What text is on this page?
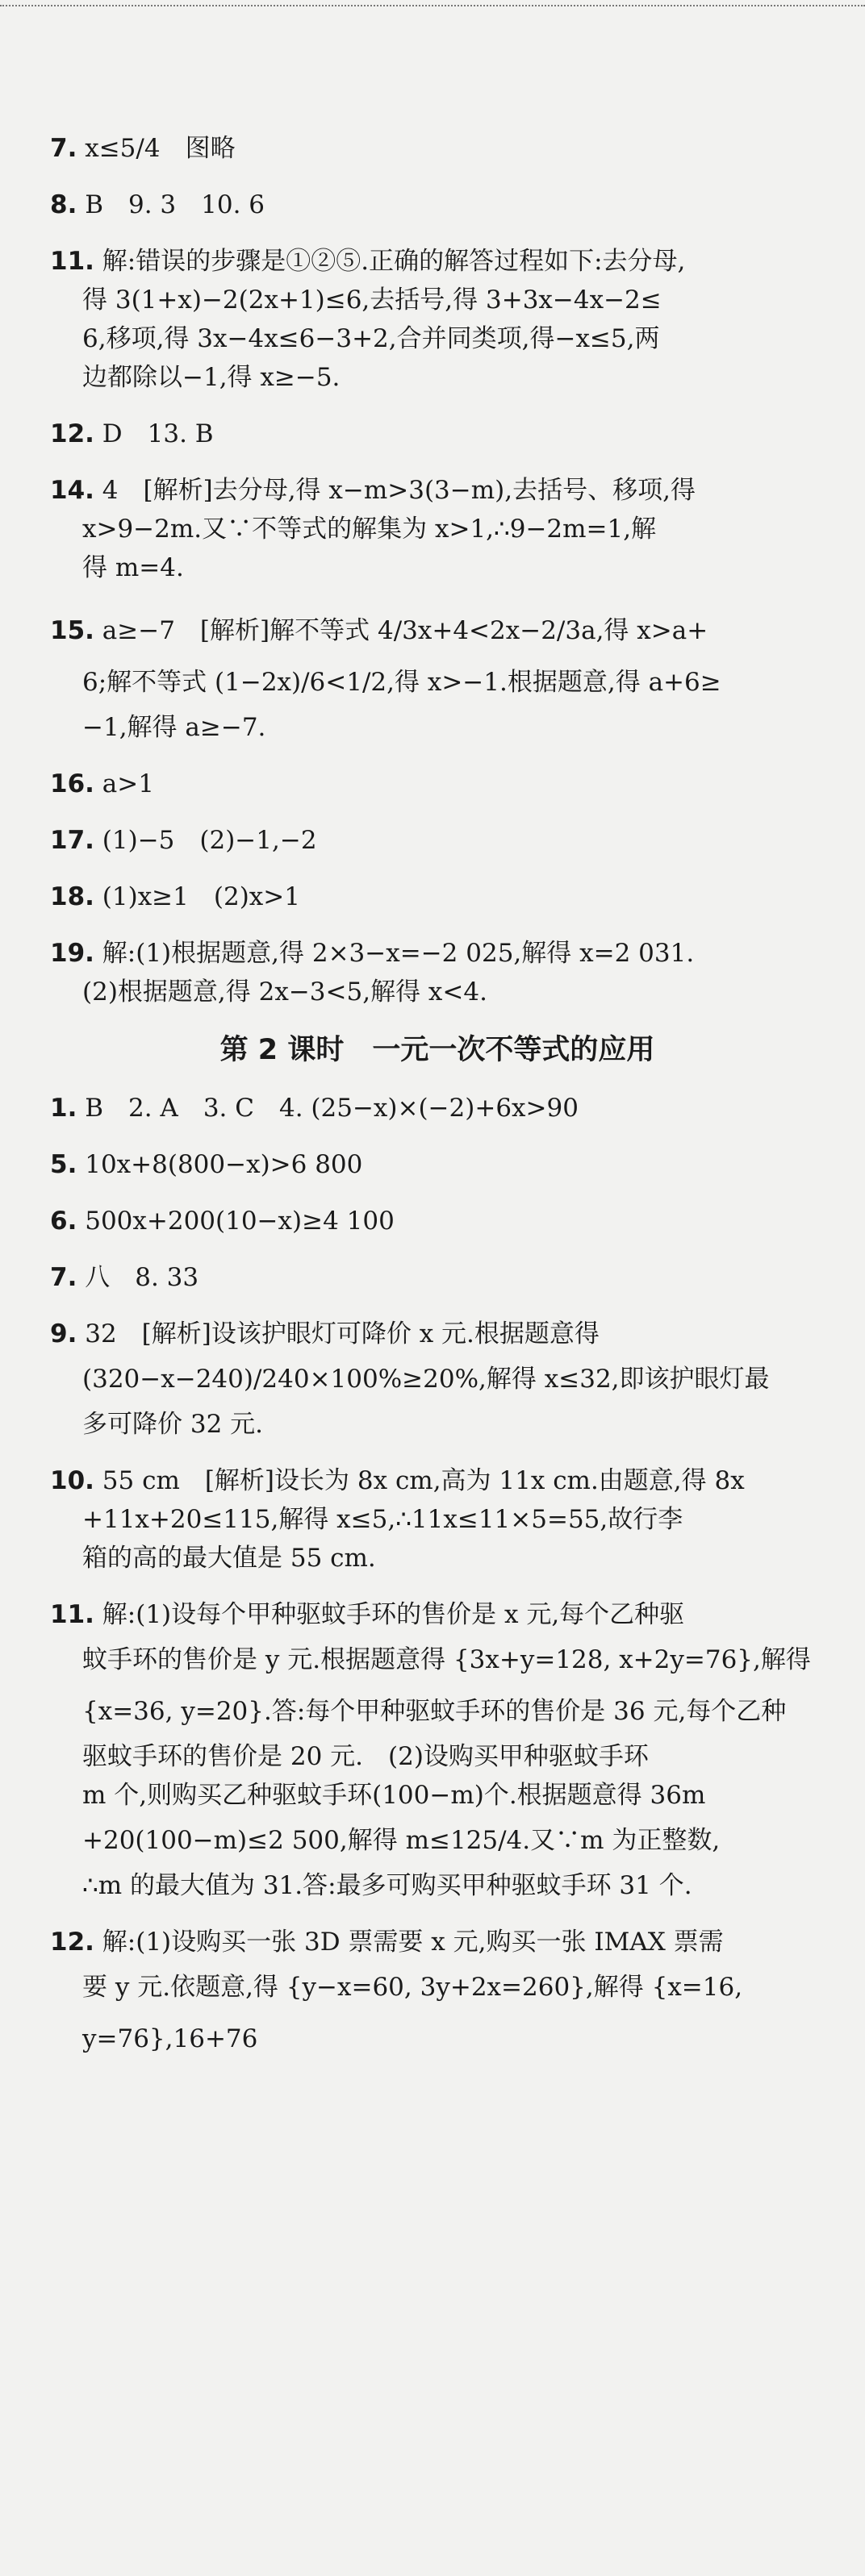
7. x≤5/4　图略
8. B　9. 3　10. 6
11. 解:错误的步骤是①②⑤.正确的解答过程如下:去分母,
得 3(1+x)−2(2x+1)≤6,去括号,得 3+3x−4x−2≤
6,移项,得 3x−4x≤6−3+2,合并同类项,得−x≤5,两
边都除以−1,得 x≥−5.
12. D　13. B
14. 4　[解析]去分母,得 x−m>3(3−m),去括号、移项,得
x>9−2m.又∵不等式的解集为 x>1,∴9−2m=1,解
得 m=4.
15. a≥−7　[解析]解不等式 4/3x+4<2x−2/3a,得 x>a+
6;解不等式 (1−2x)/6<1/2,得 x>−1.根据题意,得 a+6≥
−1,解得 a≥−7.
16. a>1
17. (1)−5　(2)−1,−2
18. (1)x≥1　(2)x>1
19. 解:(1)根据题意,得 2×3−x=−2 025,解得 x=2 031.
(2)根据题意,得 2x−3<5,解得 x<4.
第 2 课时　一元一次不等式的应用
1. B　2. A　3. C　4. (25−x)×(−2)+6x>90
5. 10x+8(800−x)>6 800
6. 500x+200(10−x)≥4 100
7. 八　8. 33
9. 32　[解析]设该护眼灯可降价 x 元.根据题意得
(320−x−240)/240×100%≥20%,解得 x≤32,即该护眼灯最
多可降价 32 元.
10. 55 cm　[解析]设长为 8x cm,高为 11x cm.由题意,得 8x
+11x+20≤115,解得 x≤5,∴11x≤11×5=55,故行李
箱的高的最大值是 55 cm.
11. 解:(1)设每个甲种驱蚊手环的售价是 x 元,每个乙种驱
蚊手环的售价是 y 元.根据题意得 {3x+y=128, x+2y=76},解得
{x=36, y=20}.答:每个甲种驱蚊手环的售价是 36 元,每个乙种
驱蚊手环的售价是 20 元.　(2)设购买甲种驱蚊手环
m 个,则购买乙种驱蚊手环(100−m)个.根据题意得 36m
+20(100−m)≤2 500,解得 m≤125/4.又∵m 为正整数,
∴m 的最大值为 31.答:最多可购买甲种驱蚊手环 31 个.
12. 解:(1)设购买一张 3D 票需要 x 元,购买一张 IMAX 票需
要 y 元.依题意,得 {y−x=60, 3y+2x=260},解得 {x=16, y=76},16+76
